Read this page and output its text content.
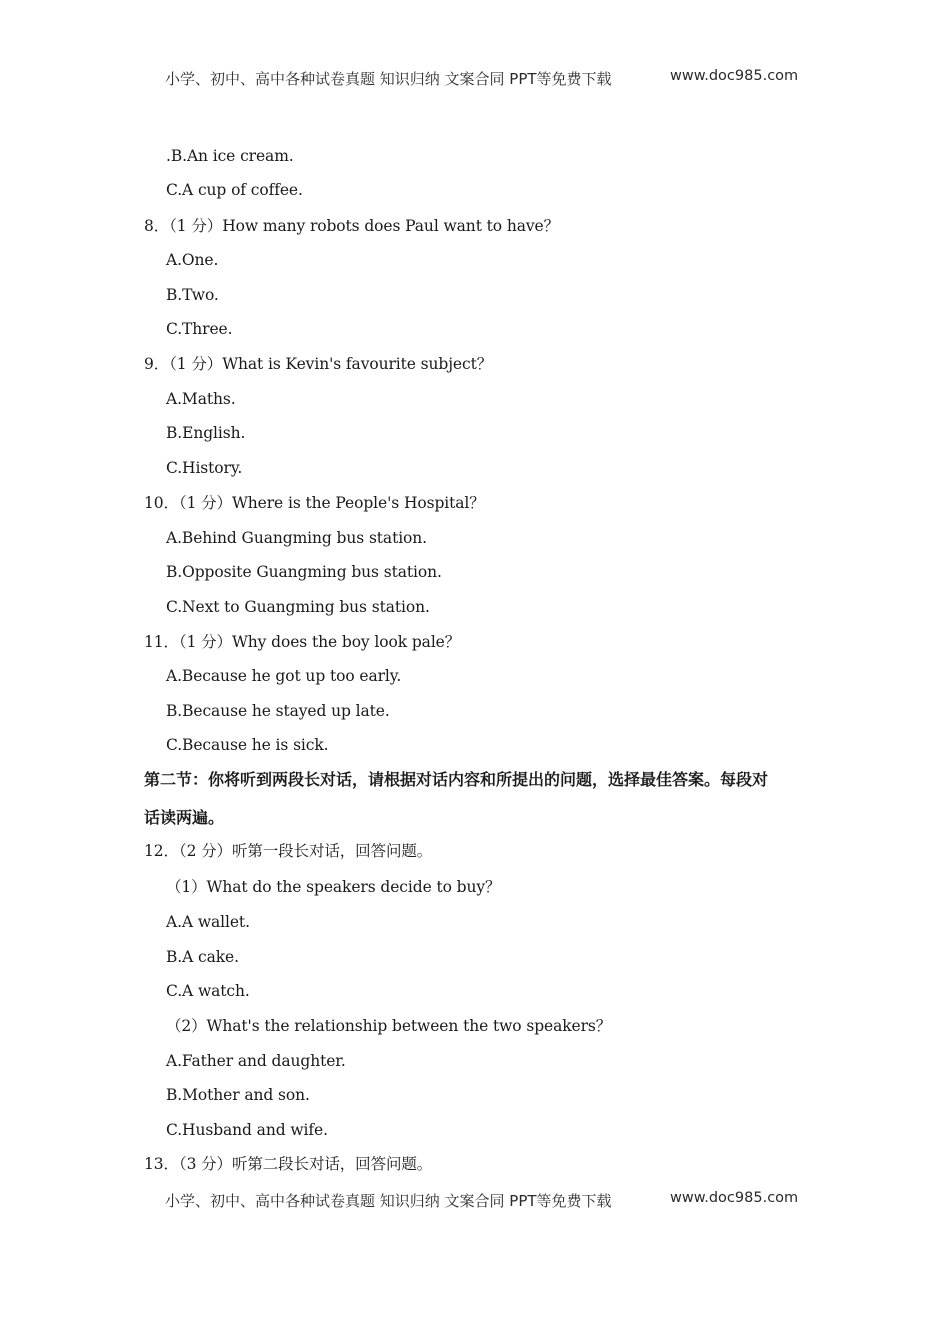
小学、初中、高中各种试卷真题 知识归纳 文案合同 PPT等免费下载	www.doc985.com
.B.An ice cream.
C.A cup of coffee.
8．（1 分）How many robots does Paul want to have？
A.One.
B.Two.
C.Three.
9．（1 分）What is Kevin's favourite subject？
A.Maths.
B.English.
C.History.
10．（1 分）Where is the People's Hospital？
A.Behind Guangming bus station.
B.Opposite Guangming bus station.
C.Next to Guangming bus station.
11．（1 分）Why does the boy look pale？
A.Because he got up too early.
B.Because he stayed up late.
C.Because he is sick.
第二节：你将听到两段长对话，请根据对话内容和所提出的问题，选择最佳答案。每段对
话读两遍。
12．（2 分）听第一段长对话，回答问题。
（1）What do the speakers decide to buy？
A.A wallet.
B.A cake.
C.A watch.
（2）What's the relationship between the two speakers？
A.Father and daughter.
B.Mother and son.
C.Husband and wife.
13．（3 分）听第二段长对话，回答问题。
小学、初中、高中各种试卷真题 知识归纳 文案合同 PPT等免费下载	www.doc985.com
